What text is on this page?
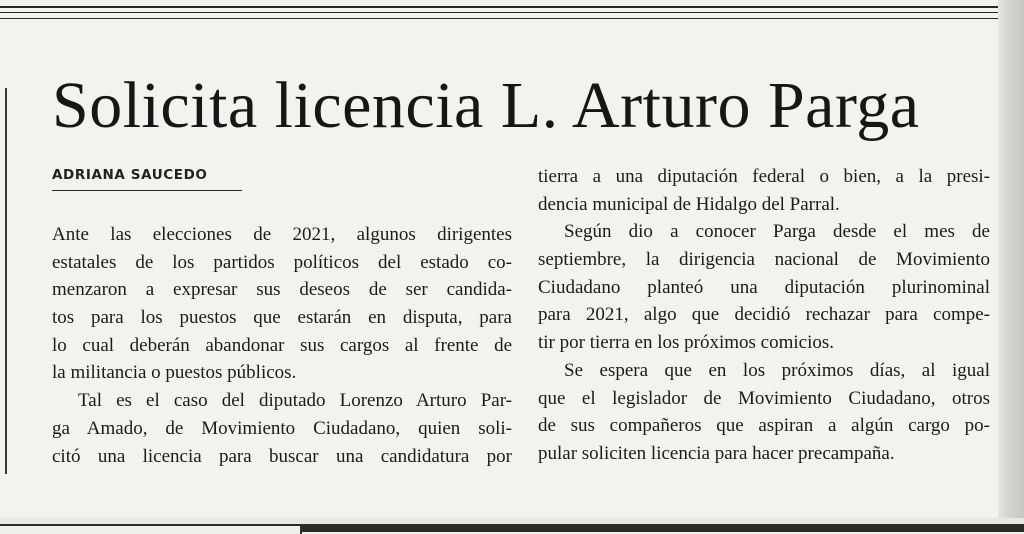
Solicita licencia L. Arturo Parga
ADRIANA SAUCEDO
Ante las elecciones de 2021, algunos dirigentes
estatales de los partidos políticos del estado co-
menzaron a expresar sus deseos de ser candida-
tos para los puestos que estarán en disputa, para
lo cual deberán abandonar sus cargos al frente de
la militancia o puestos públicos.
Tal es el caso del diputado Lorenzo Arturo Par-
ga Amado, de Movimiento Ciudadano, quien soli-
citó una licencia para buscar una candidatura por
tierra a una diputación federal o bien, a la presi-
dencia municipal de Hidalgo del Parral.
Según dio a conocer Parga desde el mes de
septiembre, la dirigencia nacional de Movimiento
Ciudadano planteó una diputación plurinominal
para 2021, algo que decidió rechazar para compe-
tir por tierra en los próximos comicios.
Se espera que en los próximos días, al igual
que el legislador de Movimiento Ciudadano, otros
de sus compañeros que aspiran a algún cargo po-
pular soliciten licencia para hacer precampaña.
